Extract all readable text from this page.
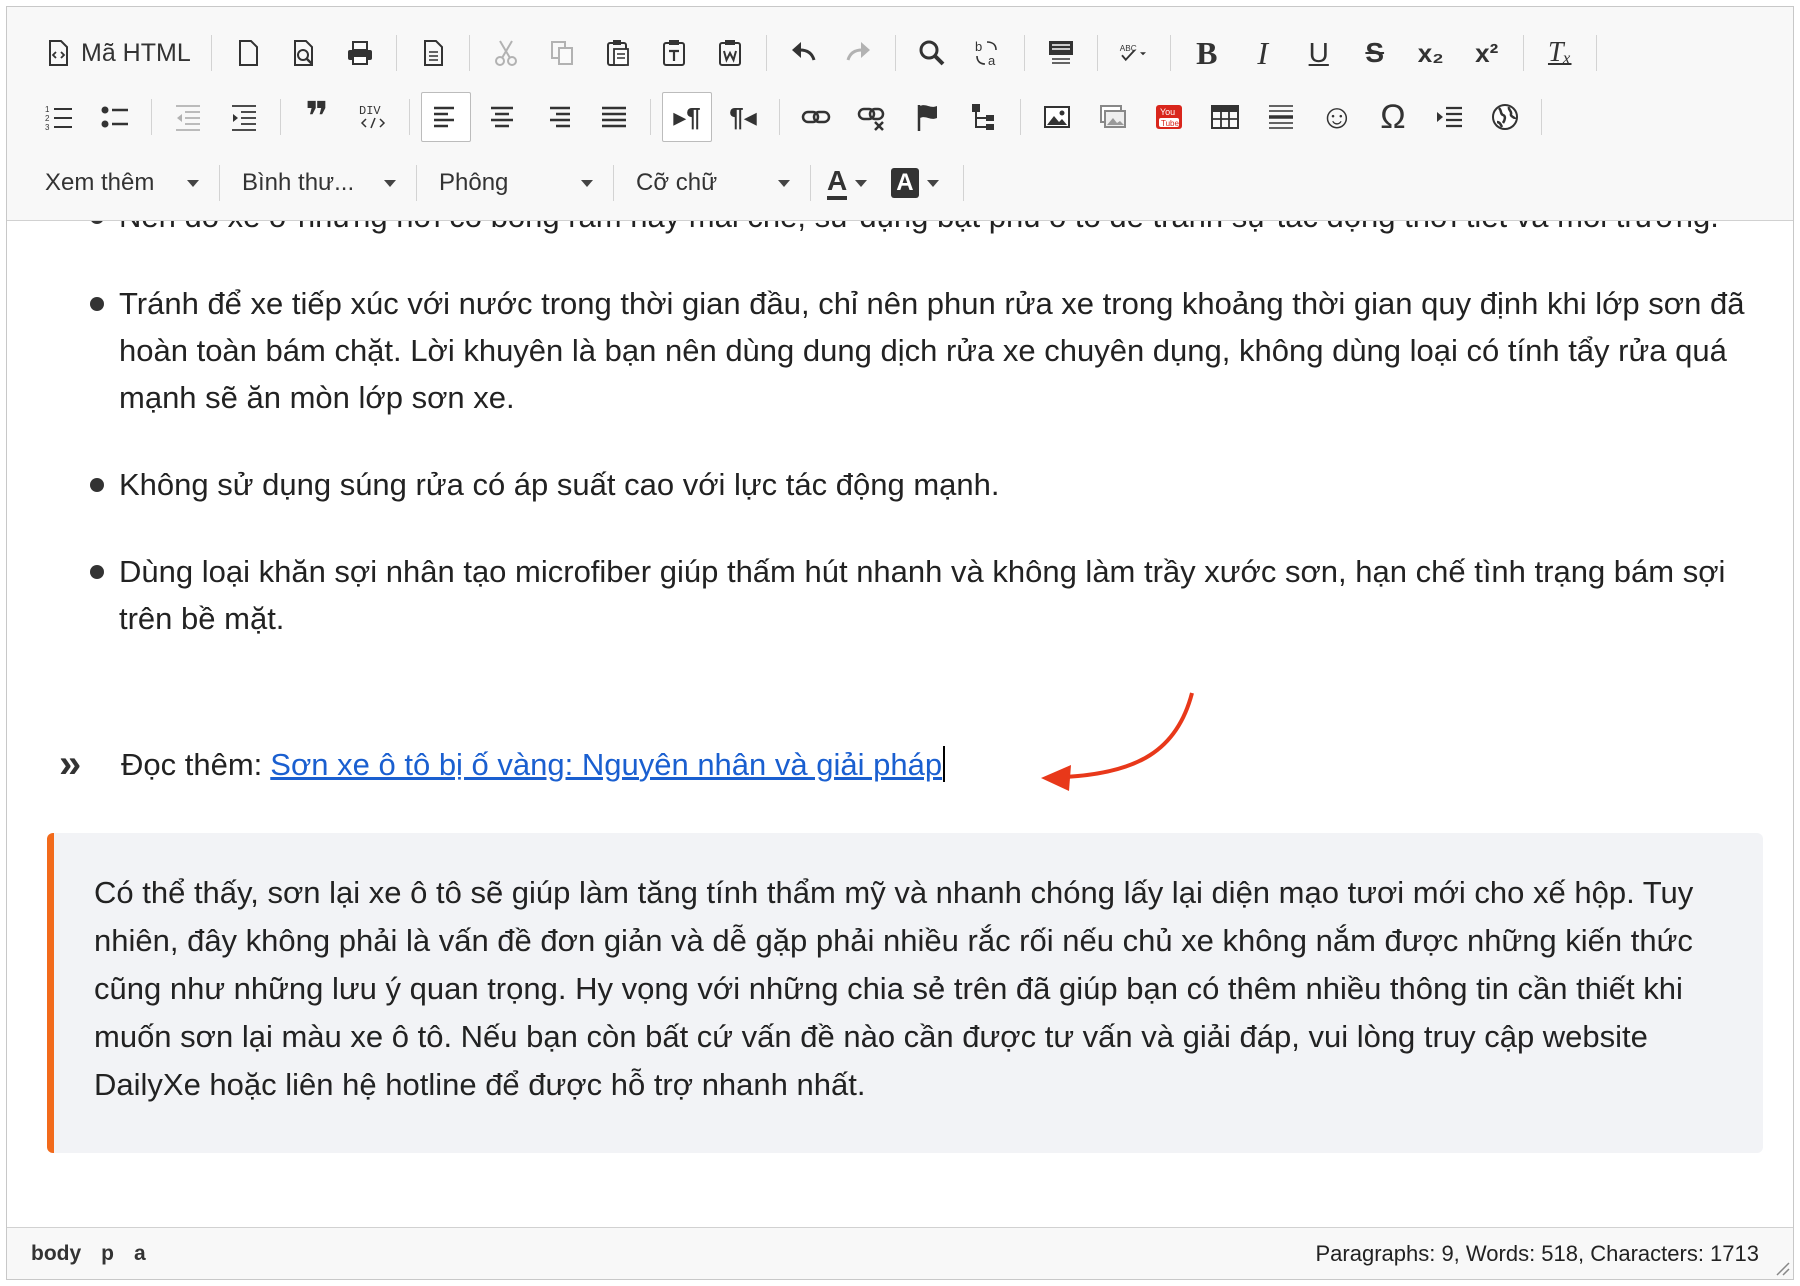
Mã HTML	b
a
ABC B I U S x₂ x² Tₓ
1
2
3	❞	DIV	▸¶ ¶◂	You
Tube	☺ Ω
Xem thêm	Bình thư...	Phông	Cỡ chữ	A A
Tránh để xe tiếp xúc với nước trong thời gian đầu, chỉ nên phun rửa xe trong khoảng thời gian quy định khi lớp sơn đã hoàn toàn bám chặt. Lời khuyên là bạn nên dùng dung dịch rửa xe chuyên dụng, không dùng loại có tính tẩy rửa quá mạnh sẽ ăn mòn lớp sơn xe.
Không sử dụng súng rửa có áp suất cao với lực tác động mạnh.
Dùng loại khăn sợi nhân tạo microfiber giúp thấm hút nhanh và không làm trầy xước sơn, hạn chế tình trạng bám sợi trên bề mặt.
»	Đọc thêm: Sơn xe ô tô bị ố vàng: Nguyên nhân và giải pháp
Có thể thấy, sơn lại xe ô tô sẽ giúp làm tăng tính thẩm mỹ và nhanh chóng lấy lại diện mạo tươi mới cho xế hộp. Tuy nhiên, đây không phải là vấn đề đơn giản và dễ gặp phải nhiều rắc rối nếu chủ xe không nắm được những kiến thức cũng như những lưu ý quan trọng. Hy vọng với những chia sẻ trên đã giúp bạn có thêm nhiều thông tin cần thiết khi muốn sơn lại màu xe ô tô. Nếu bạn còn bất cứ vấn đề nào cần được tư vấn và giải đáp, vui lòng truy cập website DailyXe hoặc liên hệ hotline để được hỗ trợ nhanh nhất.
body p a	Paragraphs: 9, Words: 518, Characters: 1713
